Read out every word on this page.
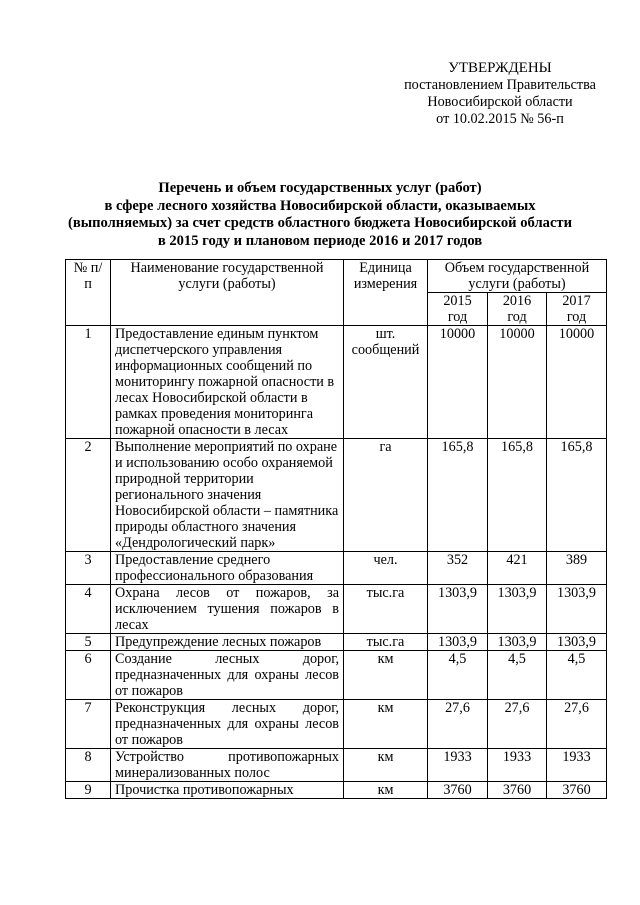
УТВЕРЖДЕНЫ
постановлением Правительства
Новосибирской области
от 10.02.2015 № 56-п
Перечень и объем государственных услуг (работ)
в сфере лесного хозяйства Новосибирской области, оказываемых
(выполняемых) за счет средств областного бюджета Новосибирской области
в 2015 году и плановом периоде 2016 и 2017 годов
№ п/п	Наименование государственной услуги (работы)	Единица измерения	Объем государственной услуги (работы)		
			2015 год	2016 год	2017 год
1	Предоставление единым пунктом диспетчерского управления информационных сообщений по мониторингу пожарной опасности в лесах Новосибирской области в рамках проведения мониторинга пожарной опасности в лесах	шт. сообщений	10000	10000	10000
2	Выполнение мероприятий по охране и использованию особо охраняемой природной территории регионального значения Новосибирской области – памятника природы областного значения «Дендрологический парк»	га	165,8	165,8	165,8
3	Предоставление среднего профессионального образования	чел.	352	421	389
4	Охрана лесов от пожаров, за исключением тушения пожаров в лесах	тыс.га	1303,9	1303,9	1303,9
5	Предупреждение лесных пожаров	тыс.га	1303,9	1303,9	1303,9
6	Создание лесных дорог, предназначенных для охраны лесов от пожаров	км	4,5	4,5	4,5
7	Реконструкция лесных дорог, предназначенных для охраны лесов от пожаров	км	27,6	27,6	27,6
8	Устройство противопожарных минерализованных полос	км	1933	1933	1933
9	Прочистка противопожарных	км	3760	3760	3760
